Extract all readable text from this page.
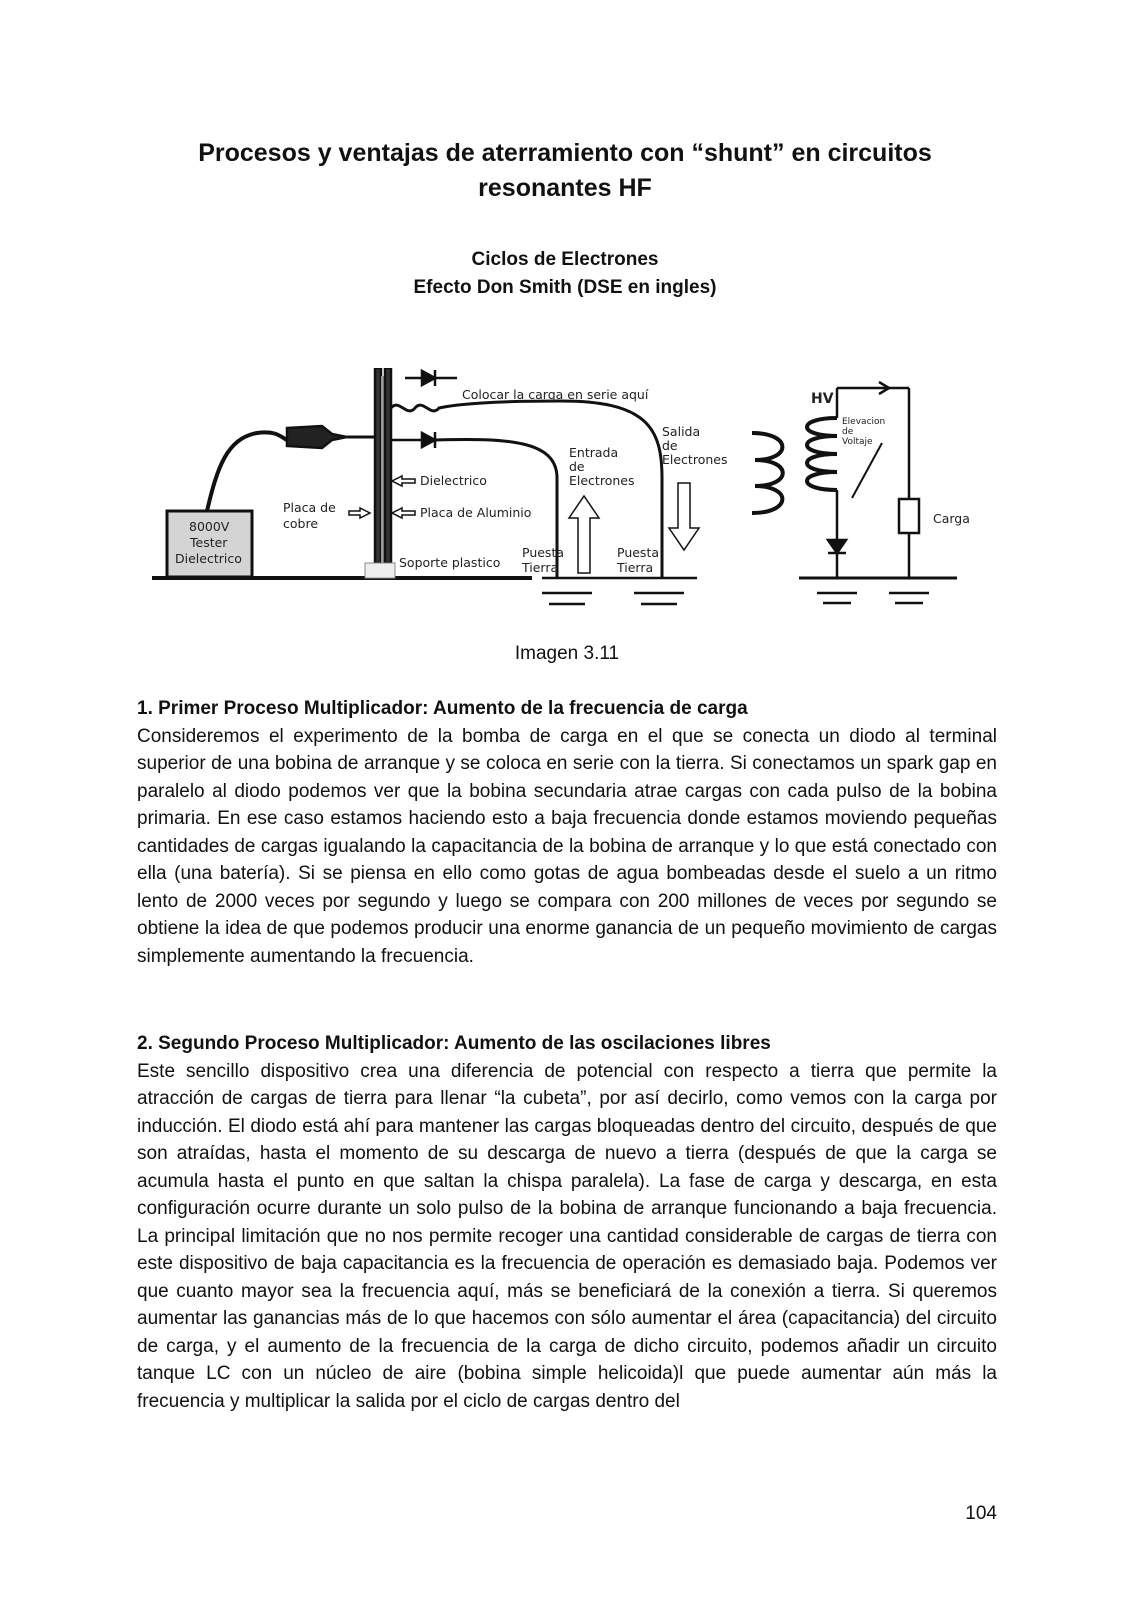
Procesos y ventajas de aterramiento con “shunt” en circuitos resonantes HF
Ciclos de Electrones
Efecto Don Smith (DSE en ingles)
Colocar la carga en serie aquí
Salida
de
Electrones
Entrada
de
Electrones
Dielectrico
Placa de
cobre
Placa de Aluminio
8000V
Tester
Dielectrico	Soporte plastico
Puesta
Tierra
Puesta
Tierra
HV
Elevacion
de
Voltaje
Carga
Imagen 3.11
1. Primer Proceso Multiplicador: Aumento de la frecuencia de carga

Consideremos el experimento de la bomba de carga en el que se conecta un diodo al terminal superior de una bobina de arranque y se coloca en serie con la tierra. Si conectamos un spark gap en paralelo al diodo podemos ver que la bobina secundaria atrae cargas con cada pulso de la bobina primaria. En ese caso estamos haciendo esto a baja frecuencia donde estamos moviendo pequeñas cantidades de cargas igualando la capacitancia de la bobina de arranque y lo que está conectado con ella (una batería). Si se piensa en ello como gotas de agua bombeadas desde el suelo a un ritmo lento de 2000 veces por segundo y luego se compara con 200 millones de veces por segundo se obtiene la idea de que podemos producir una enorme ganancia de un pequeño movimiento de cargas simplemente aumentando la frecuencia.

2. Segundo Proceso Multiplicador: Aumento de las oscilaciones libres

Este sencillo dispositivo crea una diferencia de potencial con respecto a tierra que permite la atracción de cargas de tierra para llenar “la cubeta”, por así decirlo, como vemos con la carga por inducción. El diodo está ahí para mantener las cargas bloqueadas dentro del circuito, después de que son atraídas, hasta el momento de su descarga de nuevo a tierra (después de que la carga se acumula hasta el punto en que saltan la chispa paralela). La fase de carga y descarga, en esta configuración ocurre durante un solo pulso de la bobina de arranque funcionando a baja frecuencia. La principal limitación que no nos permite recoger una cantidad considerable de cargas de tierra con este dispositivo de baja capacitancia es la frecuencia de operación es demasiado baja. Podemos ver que cuanto mayor sea la frecuencia aquí, más se beneficiará de la conexión a tierra. Si queremos aumentar las ganancias más de lo que hacemos con sólo aumentar el área (capacitancia) del circuito de carga, y el aumento de la frecuencia de la carga de dicho circuito, podemos añadir un circuito tanque LC con un núcleo de aire (bobina simple helicoida)l que puede aumentar aún más la frecuencia y multiplicar la salida por el ciclo de cargas dentro del

104
